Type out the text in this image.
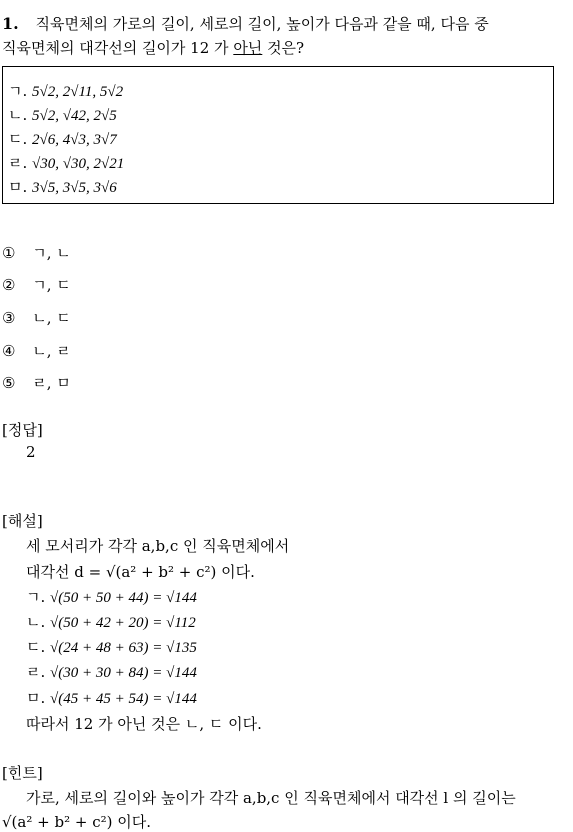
1. 직육면체의 가로의 길이, 세로의 길이, 높이가 다음과 같을 때, 다음 중
직육면체의 대각선의 길이가 12 가 아닌 것은?
ㄱ. 5√2, 2√11, 5√2
ㄴ. 5√2, √42, 2√5
ㄷ. 2√6, 4√3, 3√7
ㄹ. √30, √30, 2√21
ㅁ. 3√5, 3√5, 3√6
① ㄱ, ㄴ
② ㄱ, ㄷ
③ ㄴ, ㄷ
④ ㄴ, ㄹ
⑤ ㄹ, ㅁ
[정답]
2
[해설]
세 모서리가 각각 a,b,c 인 직육면체에서
대각선 d = √(a² + b² + c²) 이다.
ㄱ. √(50 + 50 + 44) = √144
ㄴ. √(50 + 42 + 20) = √112
ㄷ. √(24 + 48 + 63) = √135
ㄹ. √(30 + 30 + 84) = √144
ㅁ. √(45 + 45 + 54) = √144
따라서 12 가 아닌 것은 ㄴ, ㄷ 이다.
[힌트]
가로, 세로의 길이와 높이가 각각 a,b,c 인 직육면체에서 대각선 l 의 길이는
√(a² + b² + c²) 이다.
